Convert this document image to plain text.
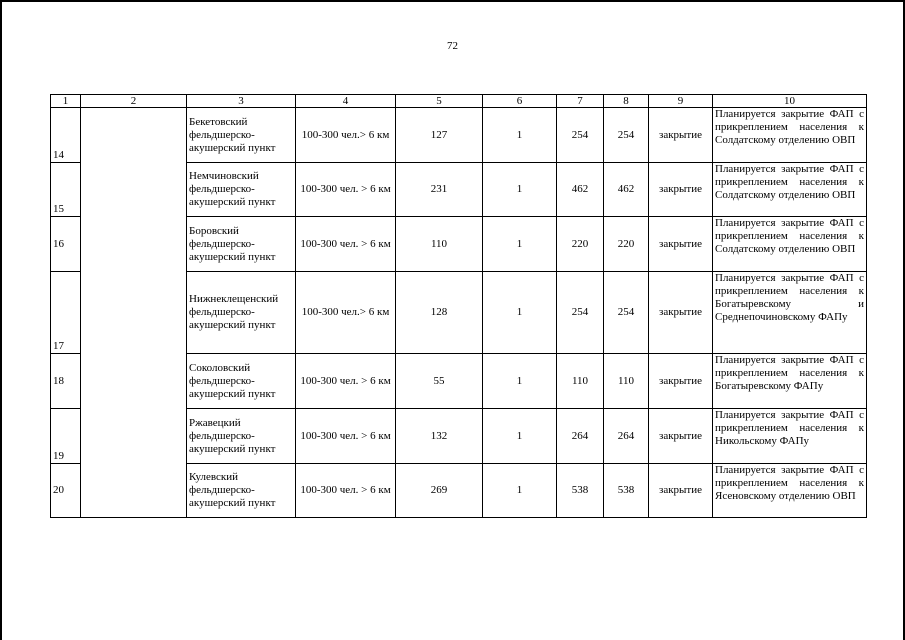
72
1	2	3	4	5	6	7	8	9	10
14		Бекетовский фельдшерско-акушерский пункт	100-300 чел.> 6 км	127	1	254	254	закрытие	Планируется закрытие ФАП с прикреплением населения к Солдатскому отделению ОВП
15		Немчиновский фельдшерско-акушерский пункт	100-300 чел. > 6 км	231	1	462	462	закрытие	Планируется закрытие ФАП с прикреплением населения к Солдатскому отделению ОВП
16		Боровский фельдшерско-акушерский пункт	100-300 чел. > 6 км	110	1	220	220	закрытие	Планируется закрытие ФАП с прикреплением населения к Солдатскому отделению ОВП
17		Нижнеклещенский фельдшерско-акушерский пункт	100-300 чел.> 6 км	128	1	254	254	закрытие	Планируется закрытие ФАП с прикреплением населения к Богатыревскому и Среднепочиновскому ФАПу
18		Соколовский фельдшерско-акушерский пункт	100-300 чел. > 6 км	55	1	110	110	закрытие	Планируется закрытие ФАП с прикреплением населения к Богатыревскому ФАПу
19		Ржавецкий фельдшерско-акушерский пункт	100-300 чел. > 6 км	132	1	264	264	закрытие	Планируется закрытие ФАП с прикреплением населения к Никольскому ФАПу
20		Кулевский фельдшерско-акушерский пункт	100-300 чел. > 6 км	269	1	538	538	закрытие	Планируется закрытие ФАП с прикреплением населения к Ясеновскому отделению ОВП
